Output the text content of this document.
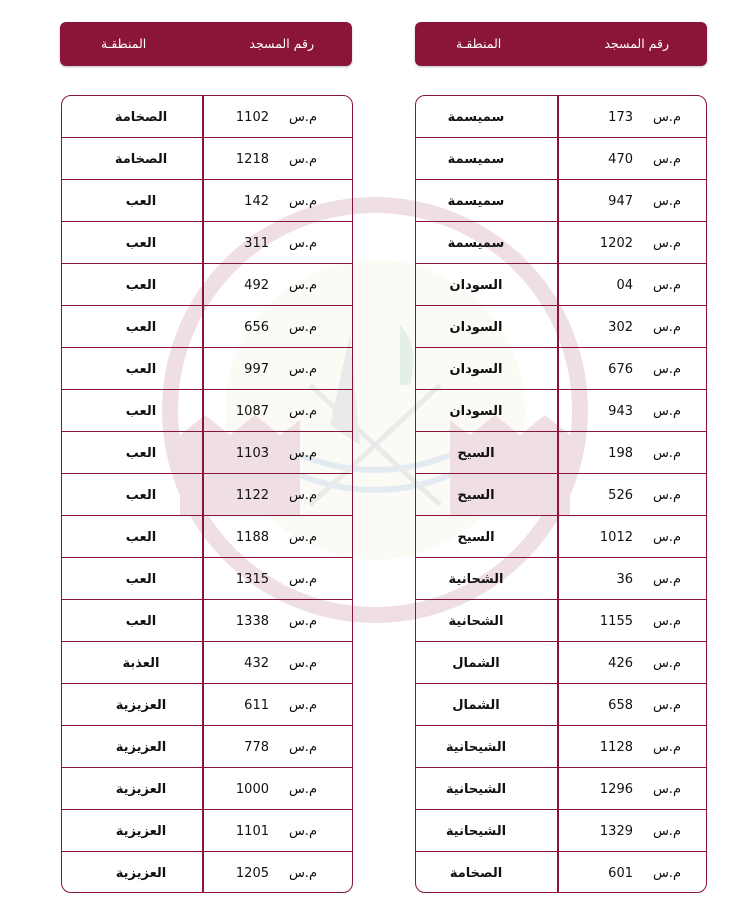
رقم المسجد
المنطقـة
رقم المسجد
المنطقـة
سميسمة	173 م.س
سميسمة	470 م.س
سميسمة	947 م.س
سميسمة	1202 م.س
السودان	04 م.س
السودان	302 م.س
السودان	676 م.س
السودان	943 م.س
السيح	198 م.س
السيح	526 م.س
السيح	1012 م.س
الشحانية	36 م.س
الشحانية	1155 م.س
الشمال	426 م.س
الشمال	658 م.س
الشيحانية	1128 م.س
الشيحانية	1296 م.س
الشيحانية	1329 م.س
الصخامة	601 م.س
الصخامة	1102 م.س
الصخامة	1218 م.س
العب	142 م.س
العب	311 م.س
العب	492 م.س
العب	656 م.س
العب	997 م.س
العب	1087 م.س
العب	1103 م.س
العب	1122 م.س
العب	1188 م.س
العب	1315 م.س
العب	1338 م.س
العذبة	432 م.س
العزيزية	611 م.س
العزيزية	778 م.س
العزيزية	1000 م.س
العزيزية	1101 م.س
العزيزية	1205 م.س
